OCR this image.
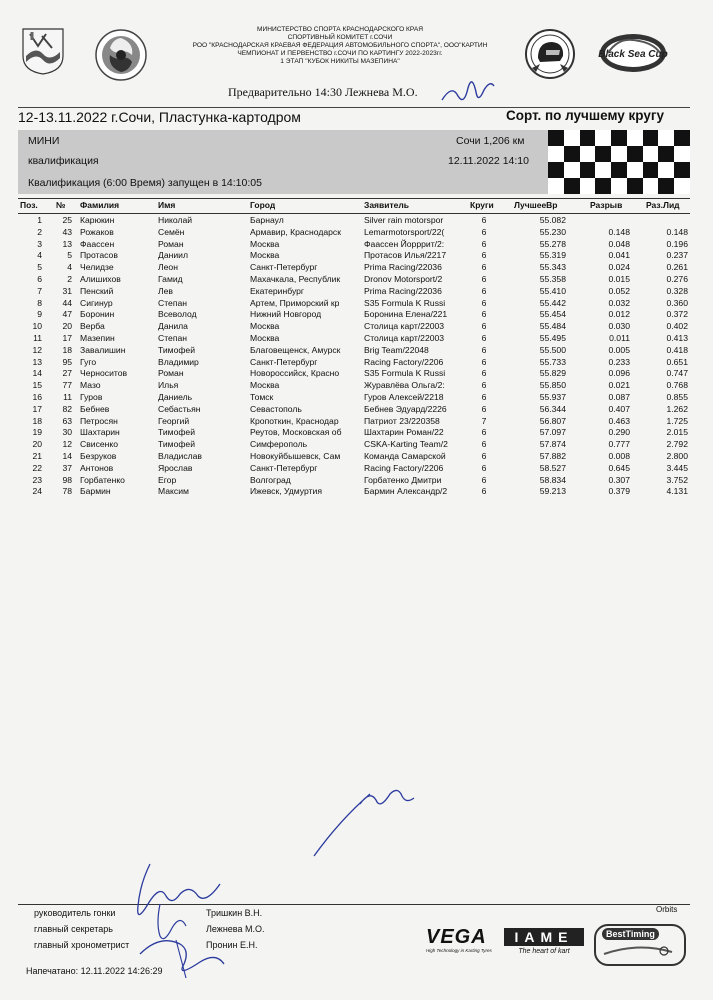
Black Sea Cup
МИНИСТЕРСТВО СПОРТА КРАСНОДАРСКОГО КРАЯ
СПОРТИВНЫЙ КОМИТЕТ г.СОЧИ
РОО "КРАСНОДАРСКАЯ КРАЕВАЯ ФЕДЕРАЦИЯ АВТОМОБИЛЬНОГО СПОРТА", ООО"КАРТИН
ЧЕМПИОНАТ И ПЕРВЕНСТВО г.СОЧИ ПО КАРТИНГУ 2022-2023гг.
1 ЭТАП "КУБОК НИКИТЫ МАЗЕПИНА"
Предварительно 14:30 Лежнева М.О.
12-13.11.2022 г.Сочи, Пластунка-картодром	Сорт. по лучшему кругу
МИНИ
квалификация
Квалификация (6:00 Время) запущен в 14:10:05
Сочи 1,206 км
12.11.2022 14:10
Поз. № Фамилия	Имя	Город	Заявитель	Круги ЛучшееВр	Разрыв	Раз.Лид
1	25 Карюкин	Николай	Барнаул	Silver rain motorspor	6	55.082
2	43 Рожаков	Семён	Армавир, Краснодарск	Lemarmotorsport/22(	6	55.230	0.148	0.148
3	13 Фаассен	Роман	Москва	Фаассен Йорррит/2:	6	55.278	0.048	0.196
4	5 Протасов	Даниил	Москва	Протасов Илья/2217	6	55.319	0.041	0.237
5	4 Челидзе	Леон	Санкт-Петербург	Prima Racing/22036	6	55.343	0.024	0.261
6	2 Алишихов	Гамид	Махачкала, Республик	Dronov Motorsport/2	6	55.358	0.015	0.276
7	31 Пенский	Лев	Екатеринбург	Prima Racing/22036	6	55.410	0.052	0.328
8	44 Сигинур	Степан	Артем, Приморский кр	S35 Formula K Russi	6	55.442	0.032	0.360
9	47 Боронин	Всеволод	Нижний Новгород	Боронина Елена/221	6	55.454	0.012	0.372
10	20 Верба	Данила	Москва	Столица карт/22003	6	55.484	0.030	0.402
11	17 Мазепин	Степан	Москва	Столица карт/22003	6	55.495	0.011	0.413
12	18 Завалишин	Тимофей	Благовещенск, Амурск	Brig Team/22048	6	55.500	0.005	0.418
13	95 Гуго	Владимир	Санкт-Петербург	Racing Factory/2206	6	55.733	0.233	0.651
14	27 Черноситов	Роман	Новороссийск, Красно	S35 Formula K Russi	6	55.829	0.096	0.747
15	77 Мазо	Илья	Москва	Журавлёва Ольга/2:	6	55.850	0.021	0.768
16	11 Гуров	Даниель	Томск	Гуров Алексей/2218	6	55.937	0.087	0.855
17	82 Бебнев	Себастьян	Севастополь	Бебнев Эдуард/2226	6	56.344	0.407	1.262
18	63 Петросян	Георгий	Кропоткин, Краснодар	Патриот 23/220358	7	56.807	0.463	1.725
19	30 Шахтарин	Тимофей	Реутов, Московская об	Шахтарин Роман/22	6	57.097	0.290	2.015
20	12 Свисенко	Тимофей	Симферополь	CSKA-Karting Team/2	6	57.874	0.777	2.792
21	14 Безруков	Владислав	Новокуйбышевск, Сам	Команда Самарской	6	57.882	0.008	2.800
22	37 Антонов	Ярослав	Санкт-Петербург	Racing Factory/2206	6	58.527	0.645	3.445
23	98 Горбатенко	Егор	Волгоград	Горбатенко Дмитри	6	58.834	0.307	3.752
24	78 Бармин	Максим	Ижевск, Удмуртия	Бармин Александр/2	6	59.213	0.379	4.131
Orbits
руководитель гонки	Тришкин В.Н.
главный секретарь	Лежнева М.О.
главный хронометрист	Пронин Е.Н.
Напечатано: 12.11.2022 14:26:29
VEGA
High Technology in Karting Tyres
IAME
The heart of kart
BestTiming
